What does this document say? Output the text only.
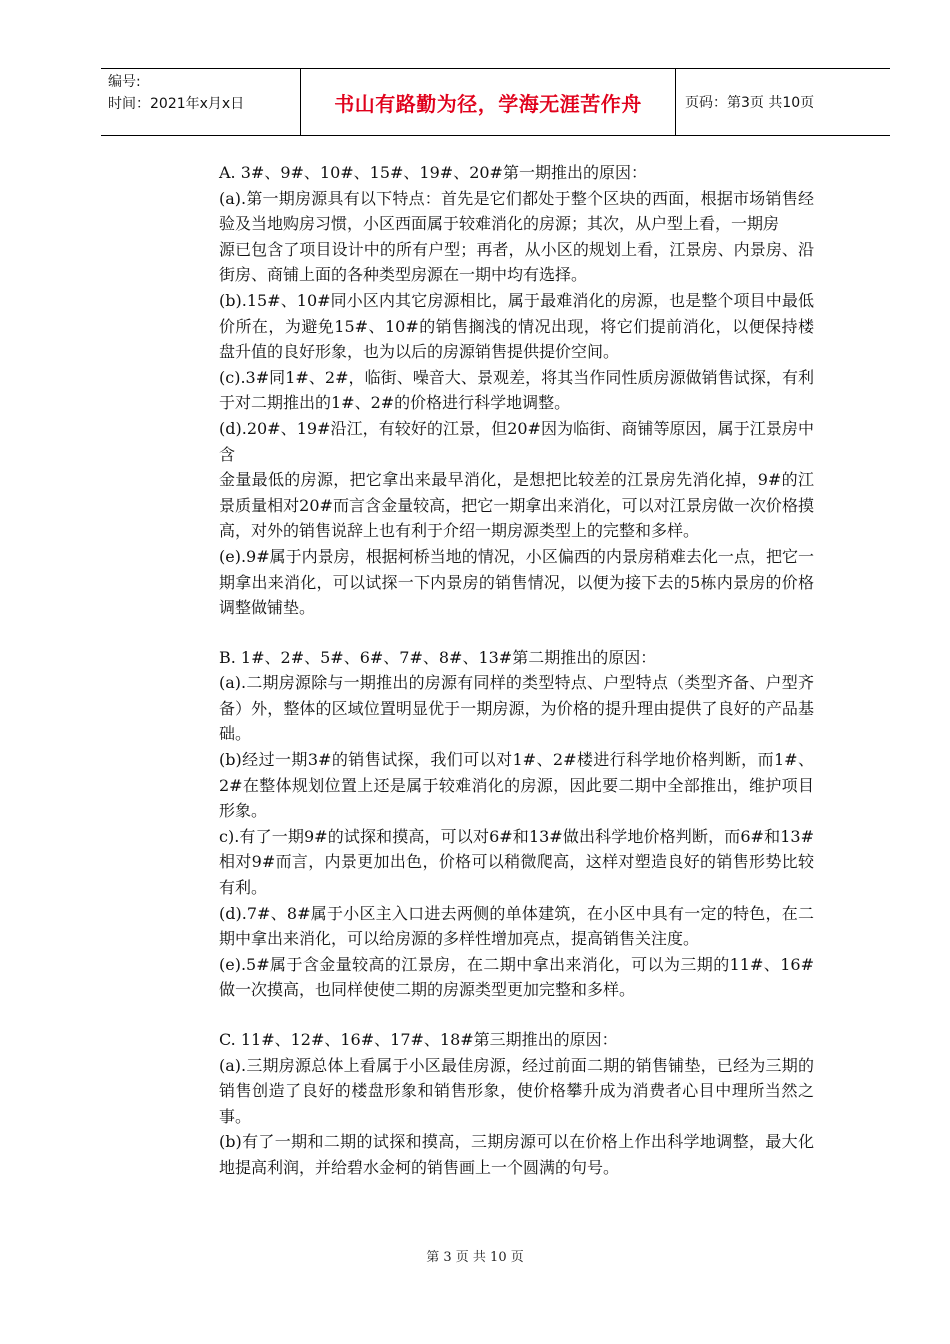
编号:
时间：2021年x月x日	书山有路勤为径，学海无涯苦作舟	页码：第3页 共10页

A. 3#、9#、10#、15#、19#、20#第一期推出的原因：

(a).第一期房源具有以下特点：首先是它们都处于整个区块的西面，根据市场销售经验及当地购房习惯，小区西面属于较难消化的房源；其次，从户型上看，一期房

源已包含了项目设计中的所有户型；再者，从小区的规划上看，江景房、内景房、沿街房、商铺上面的各种类型房源在一期中均有选择。

(b).15#、10#同小区内其它房源相比，属于最难消化的房源，也是整个项目中最低价所在，为避免15#、10#的销售搁浅的情况出现，将它们提前消化，以便保持楼盘升值的良好形象，也为以后的房源销售提供提价空间。

(c).3#同1#、2#，临街、噪音大、景观差，将其当作同性质房源做销售试探，有利于对二期推出的1#、2#的价格进行科学地调整。

(d).20#、19#沿江，有较好的江景，但20#因为临街、商铺等原因，属于江景房中含

金量最低的房源，把它拿出来最早消化，是想把比较差的江景房先消化掉，9#的江景质量相对20#而言含金量较高，把它一期拿出来消化，可以对江景房做一次价格摸高，对外的销售说辞上也有利于介绍一期房源类型上的完整和多样。

(e).9#属于内景房，根据柯桥当地的情况，小区偏西的内景房稍难去化一点，把它一期拿出来消化，可以试探一下内景房的销售情况，以便为接下去的5栋内景房的价格调整做铺垫。

B. 1#、2#、5#、6#、7#、8#、13#第二期推出的原因：

(a).二期房源除与一期推出的房源有同样的类型特点、户型特点（类型齐备、户型齐备）外，整体的区域位置明显优于一期房源，为价格的提升理由提供了良好的产品基础。

(b)经过一期3#的销售试探，我们可以对1#、2#楼进行科学地价格判断，而1#、2#在整体规划位置上还是属于较难消化的房源，因此要二期中全部推出，维护项目形象。

c).有了一期9#的试探和摸高，可以对6#和13#做出科学地价格判断，而6#和13#相对9#而言，内景更加出色，价格可以稍微爬高，这样对塑造良好的销售形势比较有利。

(d).7#、8#属于小区主入口进去两侧的单体建筑，在小区中具有一定的特色，在二期中拿出来消化，可以给房源的多样性增加亮点，提高销售关注度。

(e).5#属于含金量较高的江景房，在二期中拿出来消化，可以为三期的11#、16#做一次摸高，也同样使使二期的房源类型更加完整和多样。

C. 11#、12#、16#、17#、18#第三期推出的原因：

(a).三期房源总体上看属于小区最佳房源，经过前面二期的销售铺垫，已经为三期的销售创造了良好的楼盘形象和销售形象，使价格攀升成为消费者心目中理所当然之事。

(b)有了一期和二期的试探和摸高，三期房源可以在价格上作出科学地调整，最大化地提高利润，并给碧水金柯的销售画上一个圆满的句号。

第 3 页 共 10 页
